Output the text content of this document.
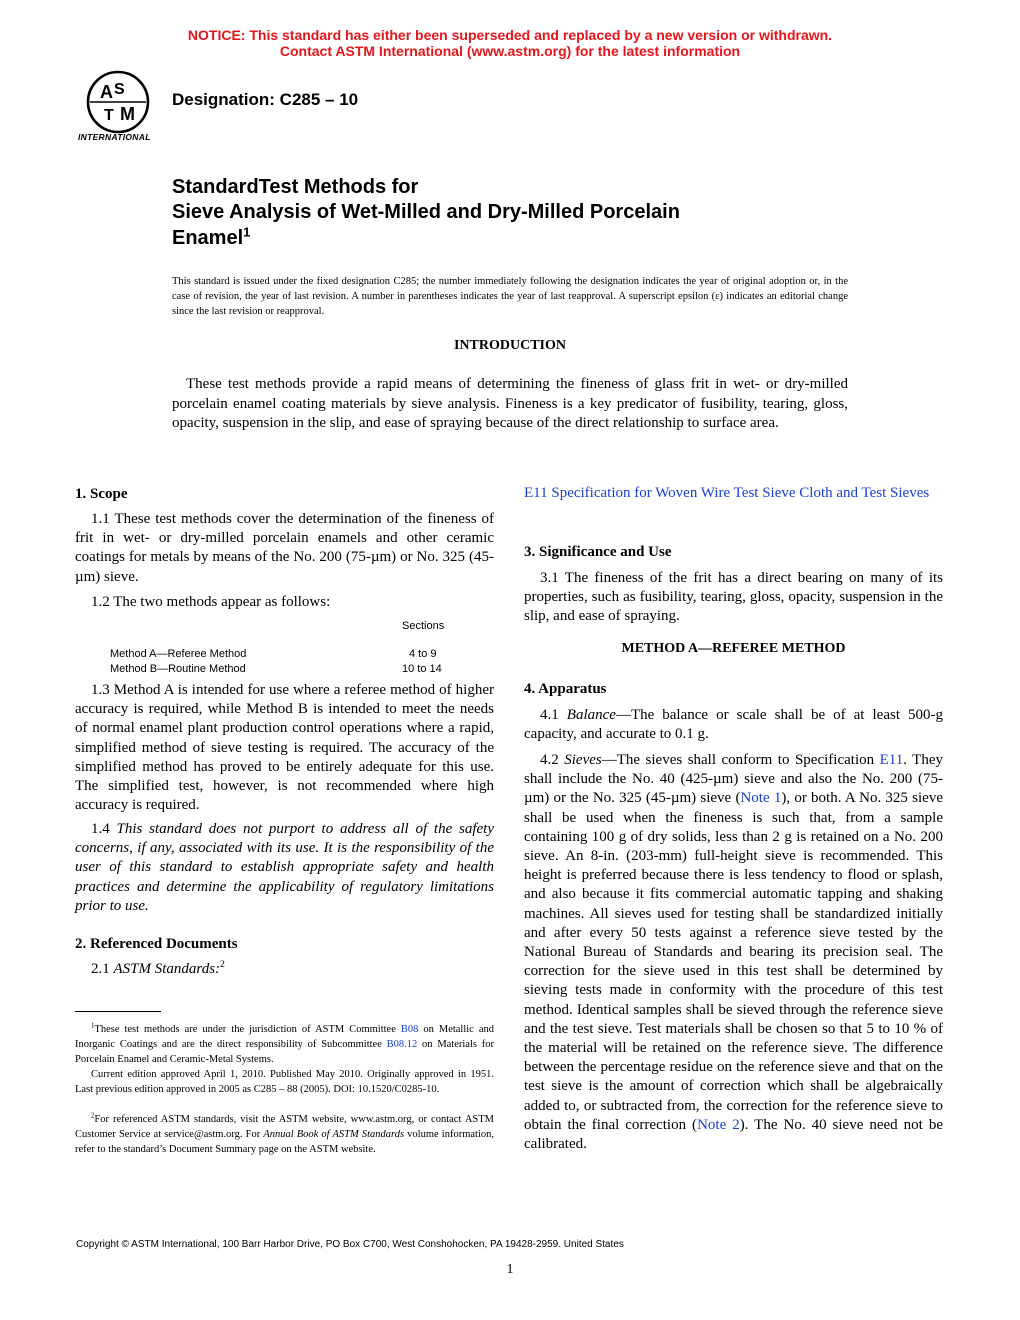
NOTICE: This standard has either been superseded and replaced by a new version or withdrawn.
Contact ASTM International (www.astm.org) for the latest information
A S
T M
INTERNATIONAL
Designation: C285 – 10
StandardTest Methods for
Sieve Analysis of Wet-Milled and Dry-Milled Porcelain
Enamel$^1$
This standard is issued under the fixed designation C285; the number immediately following the designation indicates the year of original adoption or, in the case of revision, the year of last revision. A number in parentheses indicates the year of last reapproval. A superscript epsilon (ε) indicates an editorial change since the last revision or reapproval.
INTRODUCTION
These test methods provide a rapid means of determining the fineness of glass frit in wet- or dry-milled porcelain enamel coating materials by sieve analysis. Fineness is a key predicator of fusibility, tearing, gloss, opacity, suspension in the slip, and ease of spraying because of the direct relationship to surface area.
1. Scope

1.1 These test methods cover the determination of the fineness of frit in wet- or dry-milled porcelain enamels and other ceramic coatings for metals by means of the No. 200 (75-µm) or No. 325 (45-µm) sieve.

1.2 The two methods appear as follows:

Sections
Method A—Referee Method	4 to 9
Method B—Routine Method	10 to 14

1.3 Method A is intended for use where a referee method of higher accuracy is required, while Method B is intended to meet the needs of normal enamel plant production control operations where a rapid, simplified method of sieve testing is required. The accuracy of the simplified method has proved to be entirely adequate for this use. The simplified test, however, is not recommended where high accuracy is required.

1.4 This standard does not purport to address all of the safety concerns, if any, associated with its use. It is the responsibility of the user of this standard to establish appropriate safety and health practices and determine the applicability of regulatory limitations prior to use.

2. Referenced Documents

2.1 ASTM Standards:$^2$

$^1$These test methods are under the jurisdiction of ASTM Committee B08 on Metallic and Inorganic Coatings and are the direct responsibility of Subcommittee B08.12 on Materials for Porcelain Enamel and Ceramic-Metal Systems.

Current edition approved April 1, 2010. Published May 2010. Originally approved in 1951. Last previous edition approved in 2005 as C285 – 88 (2005). DOI: 10.1520/C0285-10.

$^2$For referenced ASTM standards, visit the ASTM website, www.astm.org, or contact ASTM Customer Service at service@astm.org. For Annual Book of ASTM Standards volume information, refer to the standard’s Document Summary page on the ASTM website.

E11 Specification for Woven Wire Test Sieve Cloth and Test Sieves

3. Significance and Use

3.1 The fineness of the frit has a direct bearing on many of its properties, such as fusibility, tearing, gloss, opacity, suspension in the slip, and ease of spraying.

METHOD A—REFEREE METHOD
4. Apparatus

4.1 Balance—The balance or scale shall be of at least 500-g capacity, and accurate to 0.1 g.

4.2 Sieves—The sieves shall conform to Specification E11. They shall include the No. 40 (425-µm) sieve and also the No. 200 (75-µm) or the No. 325 (45-µm) sieve (Note 1), or both. A No. 325 sieve shall be used when the fineness is such that, from a sample containing 100 g of dry solids, less than 2 g is retained on a No. 200 sieve. An 8-in. (203-mm) full-height sieve is recommended. This height is preferred because there is less tendency to flood or splash, and also because it fits commercial automatic tapping and shaking machines. All sieves used for testing shall be standardized initially and after every 50 tests against a reference sieve tested by the National Bureau of Standards and bearing its precision seal. The correction for the sieve used in this test shall be determined by sieving tests made in conformity with the procedure of this test method. Identical samples shall be sieved through the reference sieve and the test sieve. Test materials shall be chosen so that 5 to 10 % of the material will be retained on the reference sieve. The difference between the percentage residue on the reference sieve and that on the test sieve is the amount of correction which shall be algebraically added to, or subtracted from, the correction for the reference sieve to obtain the final correction (Note 2). The No. 40 sieve need not be calibrated.

Copyright © ASTM International, 100 Barr Harbor Drive, PO Box C700, West Conshohocken, PA 19428-2959. United States
1
